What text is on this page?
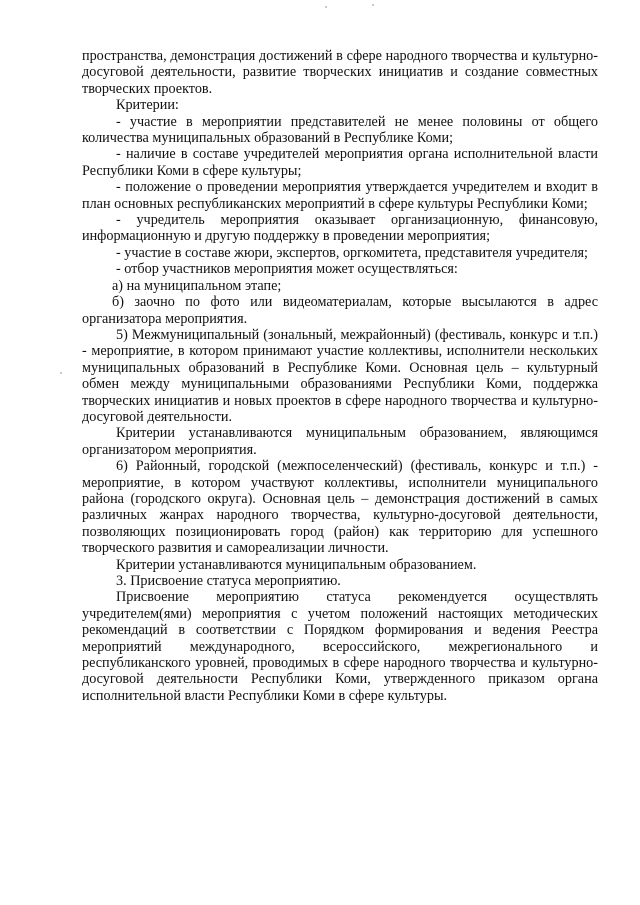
пространства, демонстрация достижений в сфере народного творчества и культурно-досуговой деятельности, развитие творческих инициатив и создание совместных творческих проектов.

Критерии:

- участие в мероприятии представителей не менее половины от общего количества муниципальных образований в Республике Коми;

- наличие в составе учредителей мероприятия органа исполнительной власти Республики Коми в сфере культуры;

- положение о проведении мероприятия утверждается учредителем и входит в план основных республиканских мероприятий в сфере культуры Республики Коми;

- учредитель мероприятия оказывает организационную, финансовую, информационную и другую поддержку в проведении мероприятия;

- участие в составе жюри, экспертов, оргкомитета, представителя учредителя;

- отбор участников мероприятия может осуществляться:

а) на муниципальном этапе;

б) заочно по фото или видеоматериалам, которые высылаются в адрес организатора мероприятия.

5) Межмуниципальный (зональный, межрайонный) (фестиваль, конкурс и т.п.) - мероприятие, в котором принимают участие коллективы, исполнители нескольких муниципальных образований в Республике Коми. Основная цель – культурный обмен между муниципальными образованиями Республики Коми, поддержка творческих инициатив и новых проектов в сфере народного творчества и культурно-досуговой деятельности.

Критерии устанавливаются муниципальным образованием, являющимся организатором мероприятия.

6) Районный, городской (межпоселенческий) (фестиваль, конкурс и т.п.) - мероприятие, в котором участвуют коллективы, исполнители муниципального района (городского округа). Основная цель – демонстрация достижений в самых различных жанрах народного творчества, культурно-досуговой деятельности, позволяющих позиционировать город (район) как территорию для успешного творческого развития и самореализации личности.

Критерии устанавливаются муниципальным образованием.

3. Присвоение статуса мероприятию.

Присвоение мероприятию статуса рекомендуется осуществлять учредителем(ями) мероприятия с учетом положений настоящих методических рекомендаций в соответствии с Порядком формирования и ведения Реестра мероприятий международного, всероссийского, межрегионального и республиканского уровней, проводимых в сфере народного творчества и культурно-досуговой деятельности Республики Коми, утвержденного приказом органа исполнительной власти Республики Коми в сфере культуры.
